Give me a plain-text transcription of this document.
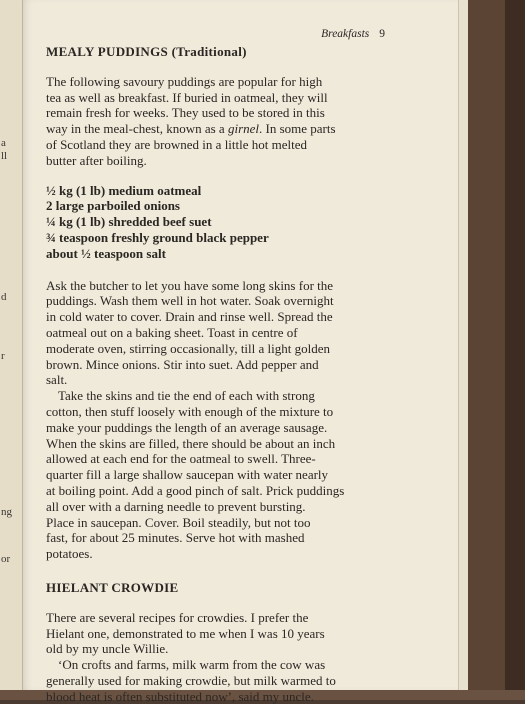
a
ll
d
r
ng
or
Breakfasts 9
MEALY PUDDINGS (Traditional)

The following savoury puddings are popular for high
tea as well as breakfast. If buried in oatmeal, they will
remain fresh for weeks. They used to be stored in this
way in the meal-chest, known as a girnel. In some parts
of Scotland they are browned in a little hot melted
butter after boiling.

½ kg (1 lb) medium oatmeal
2 large parboiled onions
¼ kg (1 lb) shredded beef suet
¾ teaspoon freshly ground black pepper
about ½ teaspoon salt

Ask the butcher to let you have some long skins for the
puddings. Wash them well in hot water. Soak overnight
in cold water to cover. Drain and rinse well. Spread the
oatmeal out on a baking sheet. Toast in centre of
moderate oven, stirring occasionally, till a light golden
brown. Mince onions. Stir into suet. Add pepper and
salt.

Take the skins and tie the end of each with strong
cotton, then stuff loosely with enough of the mixture to
make your puddings the length of an average sausage.
When the skins are filled, there should be about an inch
allowed at each end for the oatmeal to swell. Three-
quarter fill a large shallow saucepan with water nearly
at boiling point. Add a good pinch of salt. Prick puddings
all over with a darning needle to prevent bursting.
Place in saucepan. Cover. Boil steadily, but not too
fast, for about 25 minutes. Serve hot with mashed
potatoes.

HIELANT CROWDIE

There are several recipes for crowdies. I prefer the
Hielant one, demonstrated to me when I was 10 years
old by my uncle Willie.

‘On crofts and farms, milk warm from the cow was
generally used for making crowdie, but milk warmed to
blood heat is often substituted now’, said my uncle.
